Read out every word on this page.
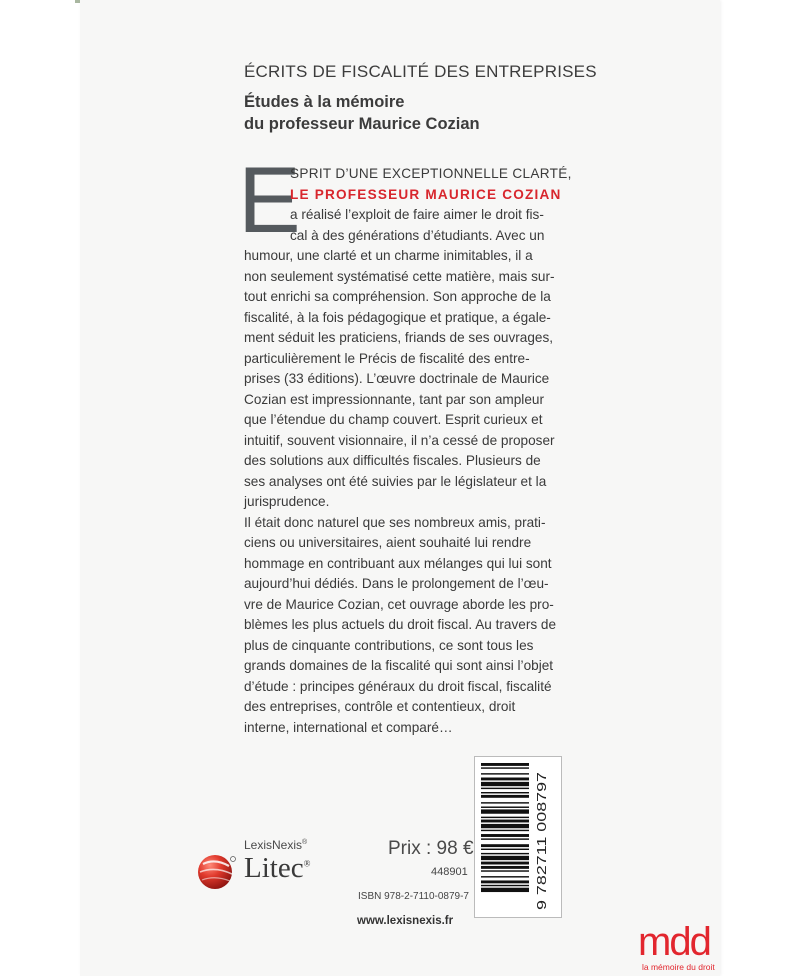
ÉCRITS DE FISCALITÉ DES ENTREPRISES
Études à la mémoire
du professeur Maurice Cozian
E
SPRIT D’UNE EXCEPTIONNELLE CLARTÉ,
LE PROFESSEUR MAURICE COZIAN
a réalisé l’exploit de faire aimer le droit fis-
cal à des générations d’étudiants. Avec un
humour, une clarté et un charme inimitables, il a
non seulement systématisé cette matière, mais sur-
tout enrichi sa compréhension. Son approche de la
fiscalité, à la fois pédagogique et pratique, a égale-
ment séduit les praticiens, friands de ses ouvrages,
particulièrement le Précis de fiscalité des entre-
prises (33 éditions). L’œuvre doctrinale de Maurice
Cozian est impressionnante, tant par son ampleur
que l’étendue du champ couvert. Esprit curieux et
intuitif, souvent visionnaire, il n’a cessé de proposer
des solutions aux difficultés fiscales. Plusieurs de
ses analyses ont été suivies par le législateur et la
jurisprudence.
Il était donc naturel que ses nombreux amis, prati-
ciens ou universitaires, aient souhaité lui rendre
hommage en contribuant aux mélanges qui lui sont
aujourd’hui dédiés. Dans le prolongement de l’œu-
vre de Maurice Cozian, cet ouvrage aborde les pro-
blèmes les plus actuels du droit fiscal. Au travers de
plus de cinquante contributions, ce sont tous les
grands domaines de la fiscalité qui sont ainsi l’objet
d’étude : principes généraux du droit fiscal, fiscalité
des entreprises, contrôle et contentieux, droit
interne, international et comparé…
LexisNexis®
Litec®
Prix : 98 €
448901
ISBN 978-2-7110-0879-7
www.lexisnexis.fr
9 782711 008797
mdd
la mémoire du droit
